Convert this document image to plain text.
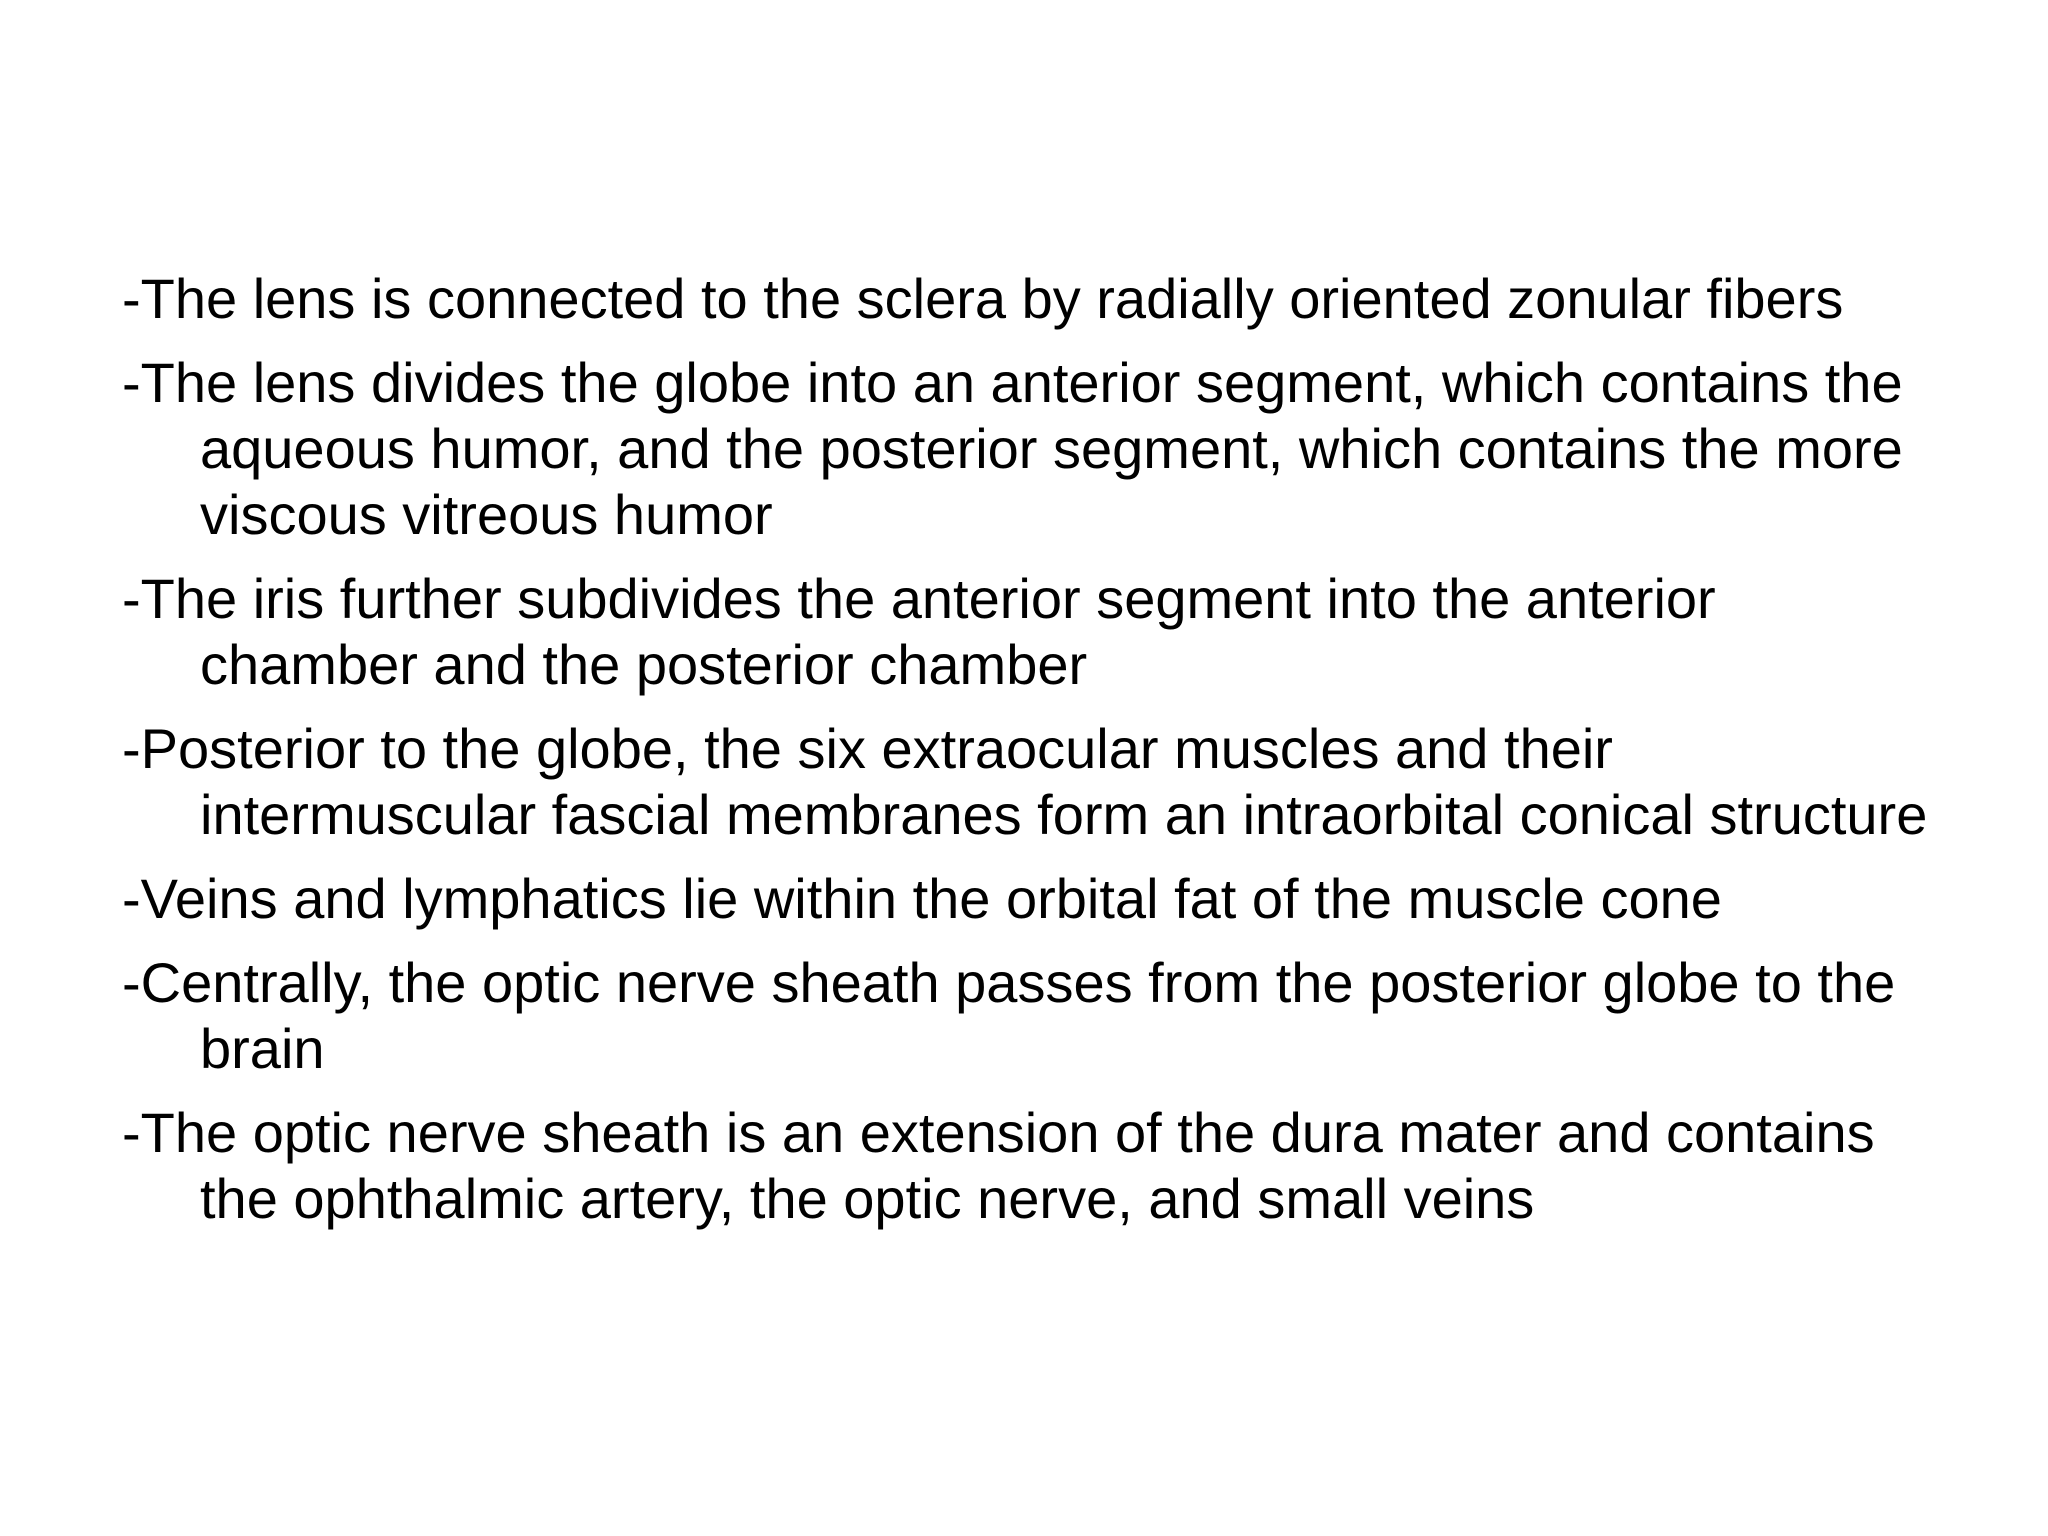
-The lens is connected to the sclera by radially oriented zonular fibers
-The lens divides the globe into an anterior segment, which contains the aqueous humor, and the posterior segment, which contains the more viscous vitreous humor
-The iris further subdivides the anterior segment into the anterior chamber and the posterior chamber
-Posterior to the globe, the six extraocular muscles and their intermuscular fascial membranes form an intraorbital conical structure
-Veins and lymphatics lie within the orbital fat of the muscle cone
-Centrally, the optic nerve sheath passes from the posterior globe to the brain
-The optic nerve sheath is an extension of the dura mater and contains the ophthalmic artery, the optic nerve, and small veins
